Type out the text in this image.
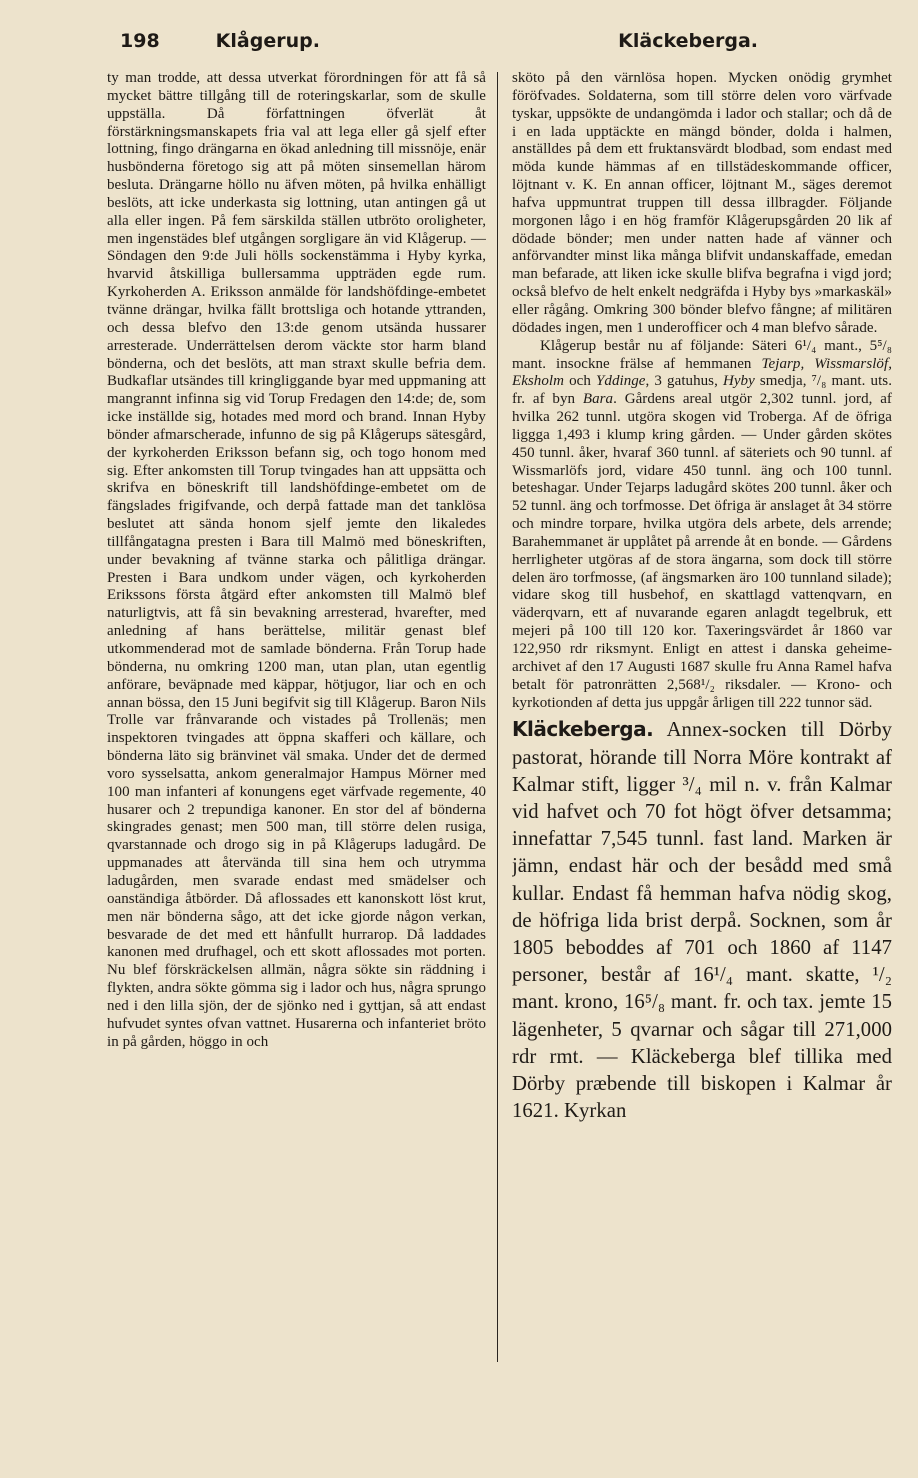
198	Klågerup.	Kläckeberga.

ty man trodde, att dessa utverkat förordningen för att få så mycket bättre tillgång till de roteringskarlar, som de skulle uppställa. Då författningen öfverlät åt förstärkningsmanskapets fria val att lega eller gå sjelf efter lottning, fingo drängarna en ökad anledning till missnöje, enär husbönderna företogo sig att på möten sinsemellan härom besluta. Drängarne höllo nu äfven möten, på hvilka enhälligt beslöts, att icke underkasta sig lottning, utan antingen gå ut alla eller ingen. På fem särskilda ställen utbröto oroligheter, men ingenstädes blef utgången sorgligare än vid Klågerup. — Söndagen den 9:de Juli hölls sockenstämma i Hyby kyrka, hvarvid åtskilliga bullersamma uppträden egde rum. Kyrkoherden A. Eriksson anmälde för landshöfdinge-embetet tvänne drängar, hvilka fällt brottsliga och hotande yttranden, och dessa blefvo den 13:de genom utsända hussarer arresterade. Underrättelsen derom väckte stor harm bland bönderna, och det beslöts, att man straxt skulle befria dem. Budkaflar utsändes till kringliggande byar med uppmaning att mangrannt infinna sig vid Torup Fredagen den 14:de; de, som icke inställde sig, hotades med mord och brand. Innan Hyby bönder afmarscherade, infunno de sig på Klågerups sätesgård, der kyrkoherden Eriksson befann sig, och togo honom med sig. Efter ankomsten till Torup tvingades han att uppsätta och skrifva en böneskrift till landshöfdinge-embetet om de fängslades frigifvande, och derpå fattade man det tanklösa beslutet att sända honom sjelf jemte den likaledes tillfångatagna presten i Bara till Malmö med böneskriften, under bevakning af tvänne starka och pålitliga drängar. Presten i Bara undkom under vägen, och kyrkoherden Erikssons första åtgärd efter ankomsten till Malmö blef naturligtvis, att få sin bevakning arresterad, hvarefter, med anledning af hans berättelse, militär genast blef utkommenderad mot de samlade bönderna. Från Torup hade bönderna, nu omkring 1200 man, utan plan, utan egentlig anförare, beväpnade med käppar, hötjugor, liar och en och annan bössa, den 15 Juni begifvit sig till Klågerup. Baron Nils Trolle var frånvarande och vistades på Trollenäs; men inspektoren tvingades att öppna skafferi och källare, och bönderna läto sig bränvinet väl smaka. Under det de dermed voro sysselsatta, ankom generalmajor Hampus Mörner med 100 man infanteri af konungens eget värfvade regemente, 40 husarer och 2 trepundiga kanoner. En stor del af bönderna skingrades genast; men 500 man, till större delen rusiga, qvarstannade och drogo sig in på Klågerups ladugård. De uppmanades att återvända till sina hem och utrymma ladugården, men svarade endast med smädelser och oanständiga åtbörder. Då aflossades ett kanonskott löst krut, men när bönderna sågo, att det icke gjorde någon verkan, besvarade de det med ett hånfullt hurrarop. Då laddades kanonen med drufhagel, och ett skott aflossades mot porten. Nu blef förskräckelsen allmän, några sökte sin räddning i flykten, andra sökte gömma sig i lador och hus, några sprungo ned i den lilla sjön, der de sjönko ned i gyttjan, så att endast hufvudet syntes ofvan vattnet. Husarerna och infanteriet bröto in på gården, höggo in och

sköto på den värnlösa hopen. Mycken onödig grymhet föröfvades. Soldaterna, som till större delen voro värfvade tyskar, uppsökte de undangömda i lador och stallar; och då de i en lada upptäckte en mängd bönder, dolda i halmen, anställdes på dem ett fruktansvärdt blodbad, som endast med möda kunde hämmas af en tillstädeskommande officer, löjtnant v. K. En annan officer, löjtnant M., säges deremot hafva uppmuntrat truppen till dessa illbragder. Följande morgonen lågo i en hög framför Klågerupsgården 20 lik af dödade bönder; men under natten hade af vänner och anförvandter minst lika många blifvit undanskaffade, emedan man befarade, att liken icke skulle blifva begrafna i vigd jord; också blefvo de helt enkelt nedgräfda i Hyby bys »markaskäl» eller rågång. Omkring 300 bönder blefvo fångne; af militären dödades ingen, men 1 underofficer och 4 man blefvo sårade.

Klågerup består nu af följande: Säteri 6¹/₄ mant., 5⁵/₈ mant. insockne frälse af hemmanen Tejarp, Wissmarslöf, Eksholm och Yddinge, 3 gatuhus, Hyby smedja, ⁷/₈ mant. uts. fr. af byn Bara. Gårdens areal utgör 2,302 tunnl. jord, af hvilka 262 tunnl. utgöra skogen vid Troberga. Af de öfriga liggga 1,493 i klump kring gården. — Under gården skötes 450 tunnl. åker, hvaraf 360 tunnl. af säteriets och 90 tunnl. af Wissmarlöfs jord, vidare 450 tunnl. äng och 100 tunnl. beteshagar. Under Tejarps ladugård skötes 200 tunnl. åker och 52 tunnl. äng och torfmosse. Det öfriga är anslaget åt 34 större och mindre torpare, hvilka utgöra dels arbete, dels arrende; Barahemmanet är upplåtet på arrende åt en bonde. — Gårdens herrligheter utgöras af de stora ängarna, som dock till större delen äro torfmosse, (af ängsmarken äro 100 tunnland silade); vidare skog till husbehof, en skattlagd vattenqvarn, en väderqvarn, ett af nuvarande egaren anlagdt tegelbruk, ett mejeri på 100 till 120 kor. Taxeringsvärdet år 1860 var 122,950 rdr riksmynt. Enligt en attest i danska geheime-archivet af den 17 Augusti 1687 skulle fru Anna Ramel hafva betalt för patronrätten 2,568¹/₂ riksdaler. — Krono- och kyrkotionden af detta jus uppgår årligen till 222 tunnor säd.

Kläckeberga. Annex-socken till Dörby pastorat, hörande till Norra Möre kontrakt af Kalmar stift, ligger ³/₄ mil n. v. från Kalmar vid hafvet och 70 fot högt öfver detsamma; innefattar 7,545 tunnl. fast land. Marken är jämn, endast här och der besådd med små kullar. Endast få hemman hafva nödig skog, de höfriga lida brist derpå. Socknen, som år 1805 beboddes af 701 och 1860 af 1147 personer, består af 16¹/₄ mant. skatte, ¹/₂ mant. krono, 16⁵/₈ mant. fr. och tax. jemte 15 lägenheter, 5 qvarnar och sågar till 271,000 rdr rmt. — Kläckeberga blef tillika med Dörby præbende till biskopen i Kalmar år 1621. Kyrkan
